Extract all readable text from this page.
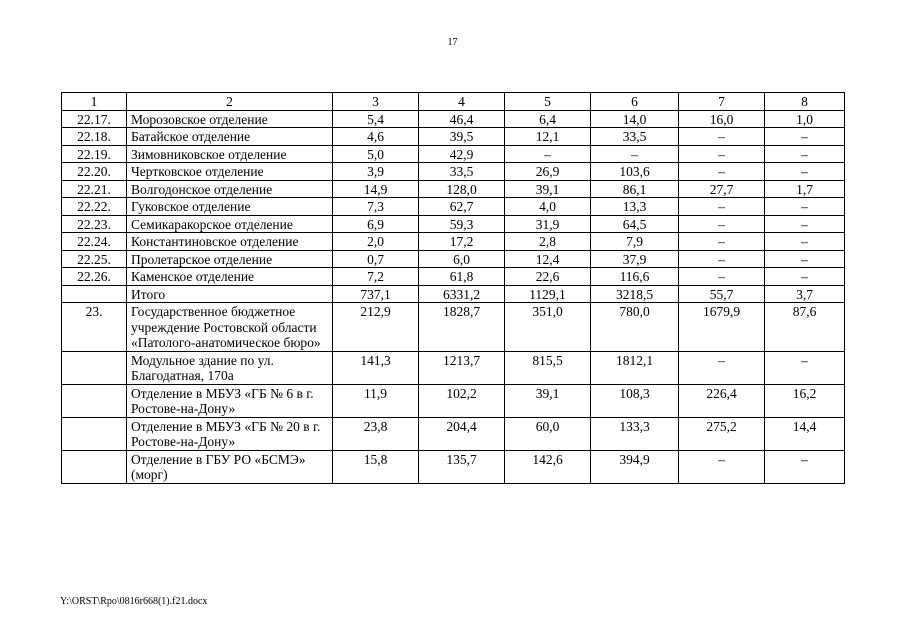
17
1	2	3	4	5	6	7	8
22.17.	Морозовское отделение	5,4	46,4	6,4	14,0	16,0	1,0
22.18.	Батайское отделение	4,6	39,5	12,1	33,5	–	–
22.19.	Зимовниковское отделение	5,0	42,9	–	–	–	–
22.20.	Чертковское отделение	3,9	33,5	26,9	103,6	–	–
22.21.	Волгодонское отделение	14,9	128,0	39,1	86,1	27,7	1,7
22.22.	Гуковское отделение	7,3	62,7	4,0	13,3	–	–
22.23.	Семикаракорское отделение	6,9	59,3	31,9	64,5	–	–
22.24.	Константиновское отделение	2,0	17,2	2,8	7,9	–	–
22.25.	Пролетарское отделение	0,7	6,0	12,4	37,9	–	–
22.26.	Каменское отделение	7,2	61,8	22,6	116,6	–	–
	Итого	737,1	6331,2	1129,1	3218,5	55,7	3,7
23.	Государственное бюджетное учреждение Ростовской области «Патолого-анатомическое бюро»	212,9	1828,7	351,0	780,0	1679,9	87,6
	Модульное здание по ул. Благодатная, 170а	141,3	1213,7	815,5	1812,1	–	–
	Отделение в МБУЗ «ГБ № 6 в г. Ростове-на-Дону»	11,9	102,2	39,1	108,3	226,4	16,2
	Отделение в МБУЗ «ГБ № 20 в г. Ростове-на-Дону»	23,8	204,4	60,0	133,3	275,2	14,4
	Отделение в ГБУ РО «БСМЭ» (морг)	15,8	135,7	142,6	394,9	–	–
Y:\ORST\Rpo\0816r668(1).f21.docx
